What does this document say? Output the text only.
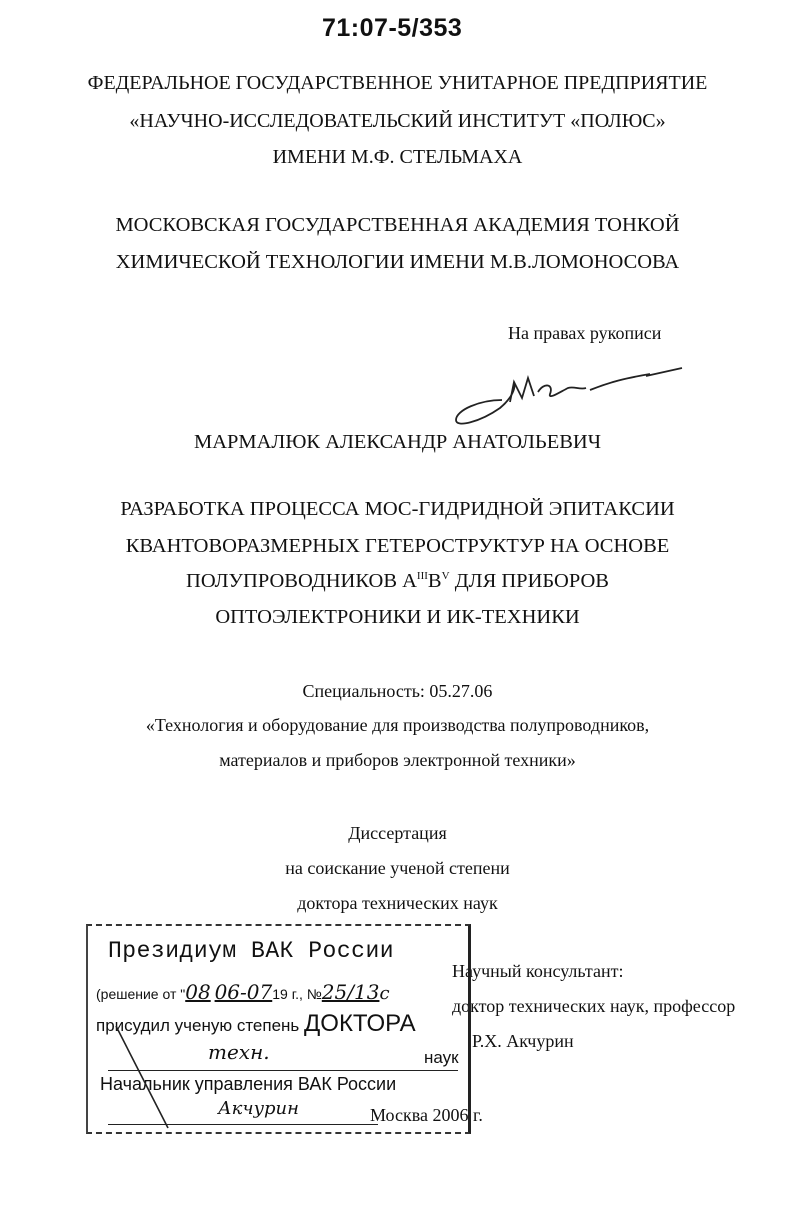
71:07-5/353
ФЕДЕРАЛЬНОЕ ГОСУДАРСТВЕННОЕ УНИТАРНОЕ ПРЕДПРИЯТИЕ
«НАУЧНО-ИССЛЕДОВАТЕЛЬСКИЙ ИНСТИТУТ «ПОЛЮС»
ИМЕНИ М.Ф. СТЕЛЬМАХА
МОСКОВСКАЯ ГОСУДАРСТВЕННАЯ АКАДЕМИЯ ТОНКОЙ
ХИМИЧЕСКОЙ ТЕХНОЛОГИИ ИМЕНИ М.В.ЛОМОНОСОВА
На правах рукописи
МАРМАЛЮК АЛЕКСАНДР АНАТОЛЬЕВИЧ
РАЗРАБОТКА ПРОЦЕССА МОС-ГИДРИДНОЙ ЭПИТАКСИИ
КВАНТОВОРАЗМЕРНЫХ ГЕТЕРОСТРУКТУР НА ОСНОВЕ
ПОЛУПРОВОДНИКОВ $A^{III}B^V$ ДЛЯ ПРИБОРОВ
ОПТОЭЛЕКТРОНИКИ И ИК-ТЕХНИКИ
Специальность: 05.27.06
«Технология и оборудование для производства полупроводников,
материалов и приборов электронной техники»
Диссертация
на соискание ученой степени
доктора технических наук
Научный консультант:
доктор технических наук, профессор
Р.Х. Акчурин
Москва 2006 г.
Президиум ВАК России
(решение от "08 06-0719 г., №25/13с
присудил ученую степень ДОКТОРА
техн.	наук
Начальник управления ВАК России
Акчурин
